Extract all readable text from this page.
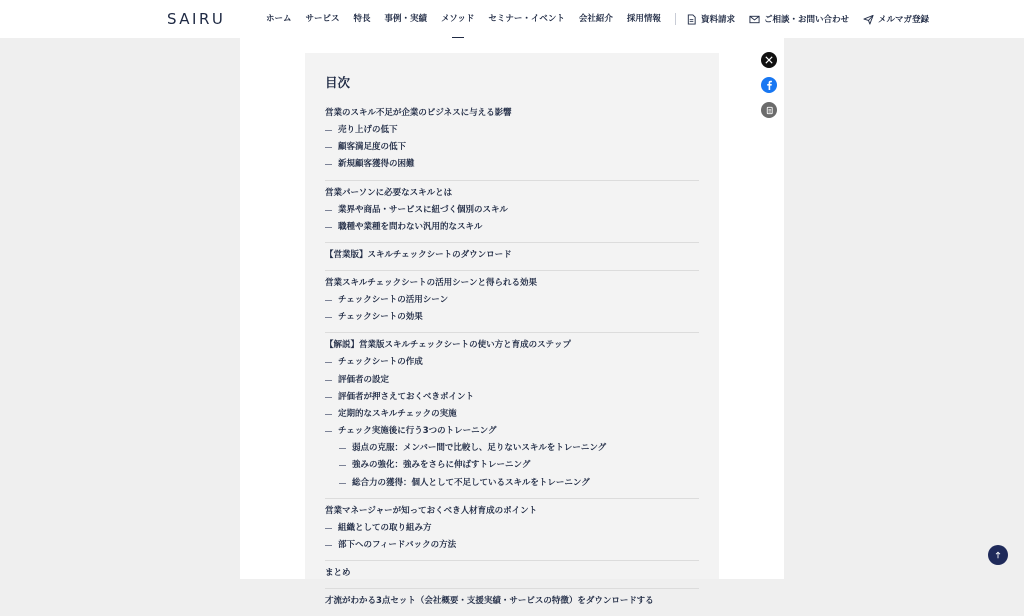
SAIRU	ホーム サービス 特長 事例・実績 メソッド セミナー・イベント 会社紹介 採用情報	資料請求	ご相談・お問い合わせ	メルマガ登録
目次
営業のスキル不足が企業のビジネスに与える影響
売り上げの低下
顧客満足度の低下
新規顧客獲得の困難
営業パーソンに必要なスキルとは
業界や商品・サービスに紐づく個別のスキル
職種や業種を問わない汎用的なスキル
【営業版】スキルチェックシートのダウンロード
営業スキルチェックシートの活用シーンと得られる効果
チェックシートの活用シーン
チェックシートの効果
【解説】営業版スキルチェックシートの使い方と育成のステップ
チェックシートの作成
評価者の設定
評価者が押さえておくべきポイント
定期的なスキルチェックの実施
チェック実施後に行う3つのトレーニング
弱点の克服：メンバー間で比較し、足りないスキルをトレーニング
強みの強化：強みをさらに伸ばすトレーニング
総合力の獲得：個人として不足しているスキルをトレーニング
営業マネージャーが知っておくべき人材育成のポイント
組織としての取り組み方
部下へのフィードバックの方法
まとめ
才流がわかる3点セット（会社概要・支援実績・サービスの特徴）をダウンロードする
